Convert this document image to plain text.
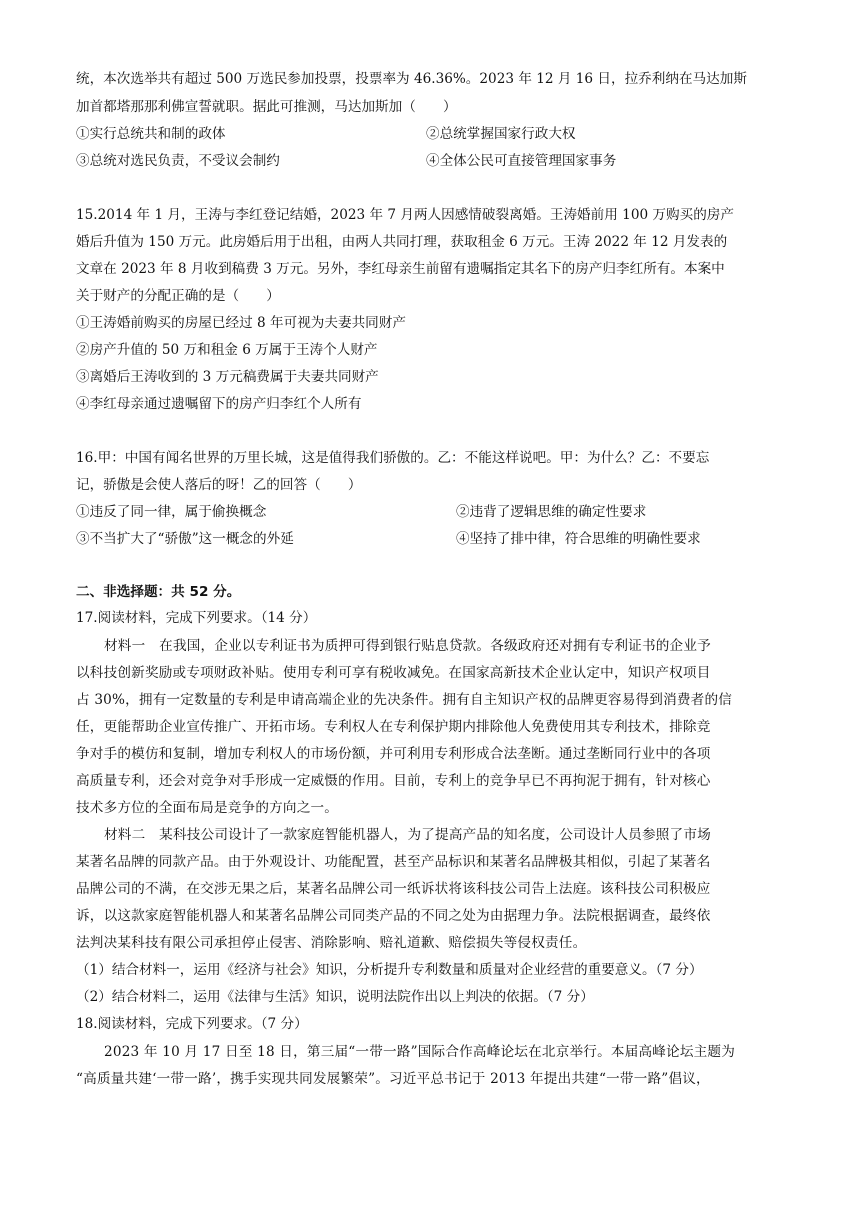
统，本次选举共有超过 500 万选民参加投票，投票率为 46.36%。2023 年 12 月 16 日，拉乔利纳在马达加斯
加首都塔那那利佛宣誓就职。据此可推测，马达加斯加（　　）
①实行总统共和制的政体	②总统掌握国家行政大权
③总统对选民负责，不受议会制约	④全体公民可直接管理国家事务
15.2014 年 1 月，王涛与李红登记结婚，2023 年 7 月两人因感情破裂离婚。王涛婚前用 100 万购买的房产
婚后升值为 150 万元。此房婚后用于出租，由两人共同打理，获取租金 6 万元。王涛 2022 年 12 月发表的
文章在 2023 年 8 月收到稿费 3 万元。另外，李红母亲生前留有遗嘱指定其名下的房产归李红所有。本案中
关于财产的分配正确的是（　　）
①王涛婚前购买的房屋已经过 8 年可视为夫妻共同财产
②房产升值的 50 万和租金 6 万属于王涛个人财产
③离婚后王涛收到的 3 万元稿费属于夫妻共同财产
④李红母亲通过遗嘱留下的房产归李红个人所有
16.甲：中国有闻名世界的万里长城，这是值得我们骄傲的。乙：不能这样说吧。甲：为什么？乙：不要忘
记，骄傲是会使人落后的呀！乙的回答（　　）
①违反了同一律，属于偷换概念	②违背了逻辑思维的确定性要求
③不当扩大了“骄傲”这一概念的外延	④坚持了排中律，符合思维的明确性要求
二、非选择题：共 52 分。
17.阅读材料，完成下列要求。（14 分）
材料一　在我国，企业以专利证书为质押可得到银行贴息贷款。各级政府还对拥有专利证书的企业予
以科技创新奖励或专项财政补贴。使用专利可享有税收减免。在国家高新技术企业认定中，知识产权项目
占 30%，拥有一定数量的专利是申请高端企业的先决条件。拥有自主知识产权的品牌更容易得到消费者的信
任，更能帮助企业宣传推广、开拓市场。专利权人在专利保护期内排除他人免费使用其专利技术，排除竞
争对手的模仿和复制，增加专利权人的市场份额，并可利用专利形成合法垄断。通过垄断同行业中的各项
高质量专利，还会对竞争对手形成一定威慑的作用。目前，专利上的竞争早已不再拘泥于拥有，针对核心
技术多方位的全面布局是竞争的方向之一。
材料二　某科技公司设计了一款家庭智能机器人，为了提高产品的知名度，公司设计人员参照了市场
某著名品牌的同款产品。由于外观设计、功能配置，甚至产品标识和某著名品牌极其相似，引起了某著名
品牌公司的不满，在交涉无果之后，某著名品牌公司一纸诉状将该科技公司告上法庭。该科技公司积极应
诉，以这款家庭智能机器人和某著名品牌公司同类产品的不同之处为由据理力争。法院根据调查，最终依
法判决某科技有限公司承担停止侵害、消除影响、赔礼道歉、赔偿损失等侵权责任。
（1）结合材料一，运用《经济与社会》知识，分析提升专利数量和质量对企业经营的重要意义。（7 分）
（2）结合材料二，运用《法律与生活》知识，说明法院作出以上判决的依据。（7 分）
18.阅读材料，完成下列要求。（7 分）
2023 年 10 月 17 日至 18 日，第三届“一带一路”国际合作高峰论坛在北京举行。本届高峰论坛主题为
“高质量共建‘一带一路’，携手实现共同发展繁荣”。习近平总书记于 2013 年提出共建“一带一路”倡议，
